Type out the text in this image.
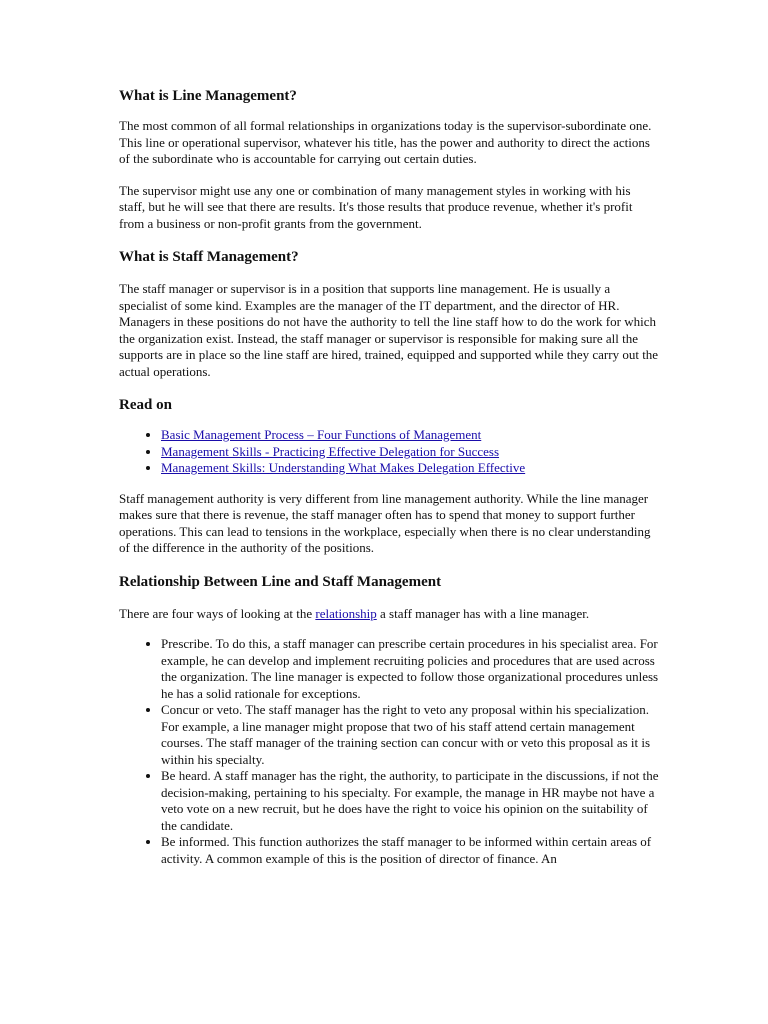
What is Line Management?

The most common of all formal relationships in organizations today is the supervisor-subordinate one. This line or operational supervisor, whatever his title, has the power and authority to direct the actions of the subordinate who is accountable for carrying out certain duties.

The supervisor might use any one or combination of many management styles in working with his staff, but he will see that there are results. It's those results that produce revenue, whether it's profit from a business or non-profit grants from the government.

What is Staff Management?

The staff manager or supervisor is in a position that supports line management. He is usually a specialist of some kind. Examples are the manager of the IT department, and the director of HR. Managers in these positions do not have the authority to tell the line staff how to do the work for which the organization exist. Instead, the staff manager or supervisor is responsible for making sure all the supports are in place so the line staff are hired, trained, equipped and supported while they carry out the actual operations.

Read on
• Basic Management Process – Four Functions of Management
• Management Skills - Practicing Effective Delegation for Success
• Management Skills: Understanding What Makes Delegation Effective

Staff management authority is very different from line management authority. While the line manager makes sure that there is revenue, the staff manager often has to spend that money to support further operations. This can lead to tensions in the workplace, especially when there is no clear understanding of the difference in the authority of the positions.

Relationship Between Line and Staff Management

There are four ways of looking at the relationship a staff manager has with a line manager.

• Prescribe. To do this, a staff manager can prescribe certain procedures in his specialist area. For example, he can develop and implement recruiting policies and procedures that are used across the organization. The line manager is expected to follow those organizational procedures unless he has a solid rationale for exceptions.
• Concur or veto. The staff manager has the right to veto any proposal within his specialization. For example, a line manager might propose that two of his staff attend certain management courses. The staff manager of the training section can concur with or veto this proposal as it is within his specialty.
• Be heard. A staff manager has the right, the authority, to participate in the discussions, if not the decision-making, pertaining to his specialty. For example, the manage in HR maybe not have a veto vote on a new recruit, but he does have the right to voice his opinion on the suitability of the candidate.
• Be informed. This function authorizes the staff manager to be informed within certain areas of activity. A common example of this is the position of director of finance. An
